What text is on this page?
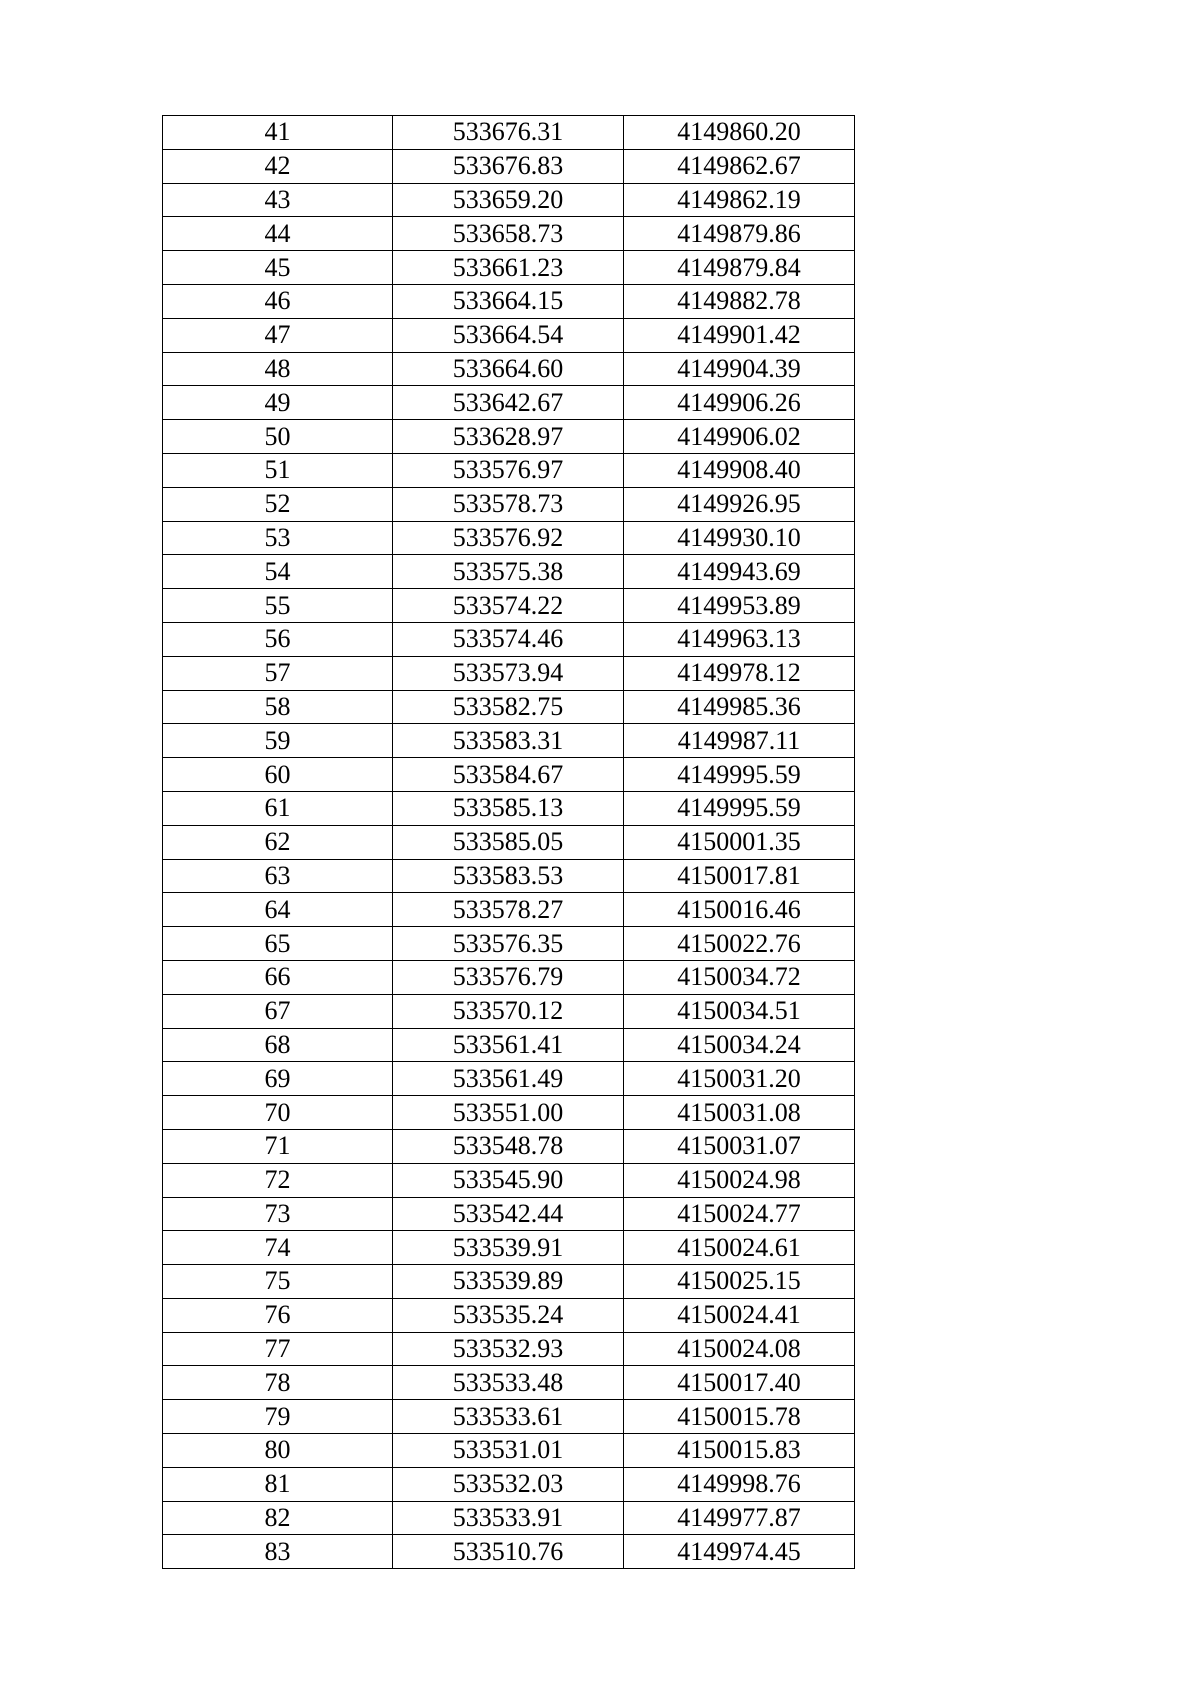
41	533676.31	4149860.20
42	533676.83	4149862.67
43	533659.20	4149862.19
44	533658.73	4149879.86
45	533661.23	4149879.84
46	533664.15	4149882.78
47	533664.54	4149901.42
48	533664.60	4149904.39
49	533642.67	4149906.26
50	533628.97	4149906.02
51	533576.97	4149908.40
52	533578.73	4149926.95
53	533576.92	4149930.10
54	533575.38	4149943.69
55	533574.22	4149953.89
56	533574.46	4149963.13
57	533573.94	4149978.12
58	533582.75	4149985.36
59	533583.31	4149987.11
60	533584.67	4149995.59
61	533585.13	4149995.59
62	533585.05	4150001.35
63	533583.53	4150017.81
64	533578.27	4150016.46
65	533576.35	4150022.76
66	533576.79	4150034.72
67	533570.12	4150034.51
68	533561.41	4150034.24
69	533561.49	4150031.20
70	533551.00	4150031.08
71	533548.78	4150031.07
72	533545.90	4150024.98
73	533542.44	4150024.77
74	533539.91	4150024.61
75	533539.89	4150025.15
76	533535.24	4150024.41
77	533532.93	4150024.08
78	533533.48	4150017.40
79	533533.61	4150015.78
80	533531.01	4150015.83
81	533532.03	4149998.76
82	533533.91	4149977.87
83	533510.76	4149974.45
